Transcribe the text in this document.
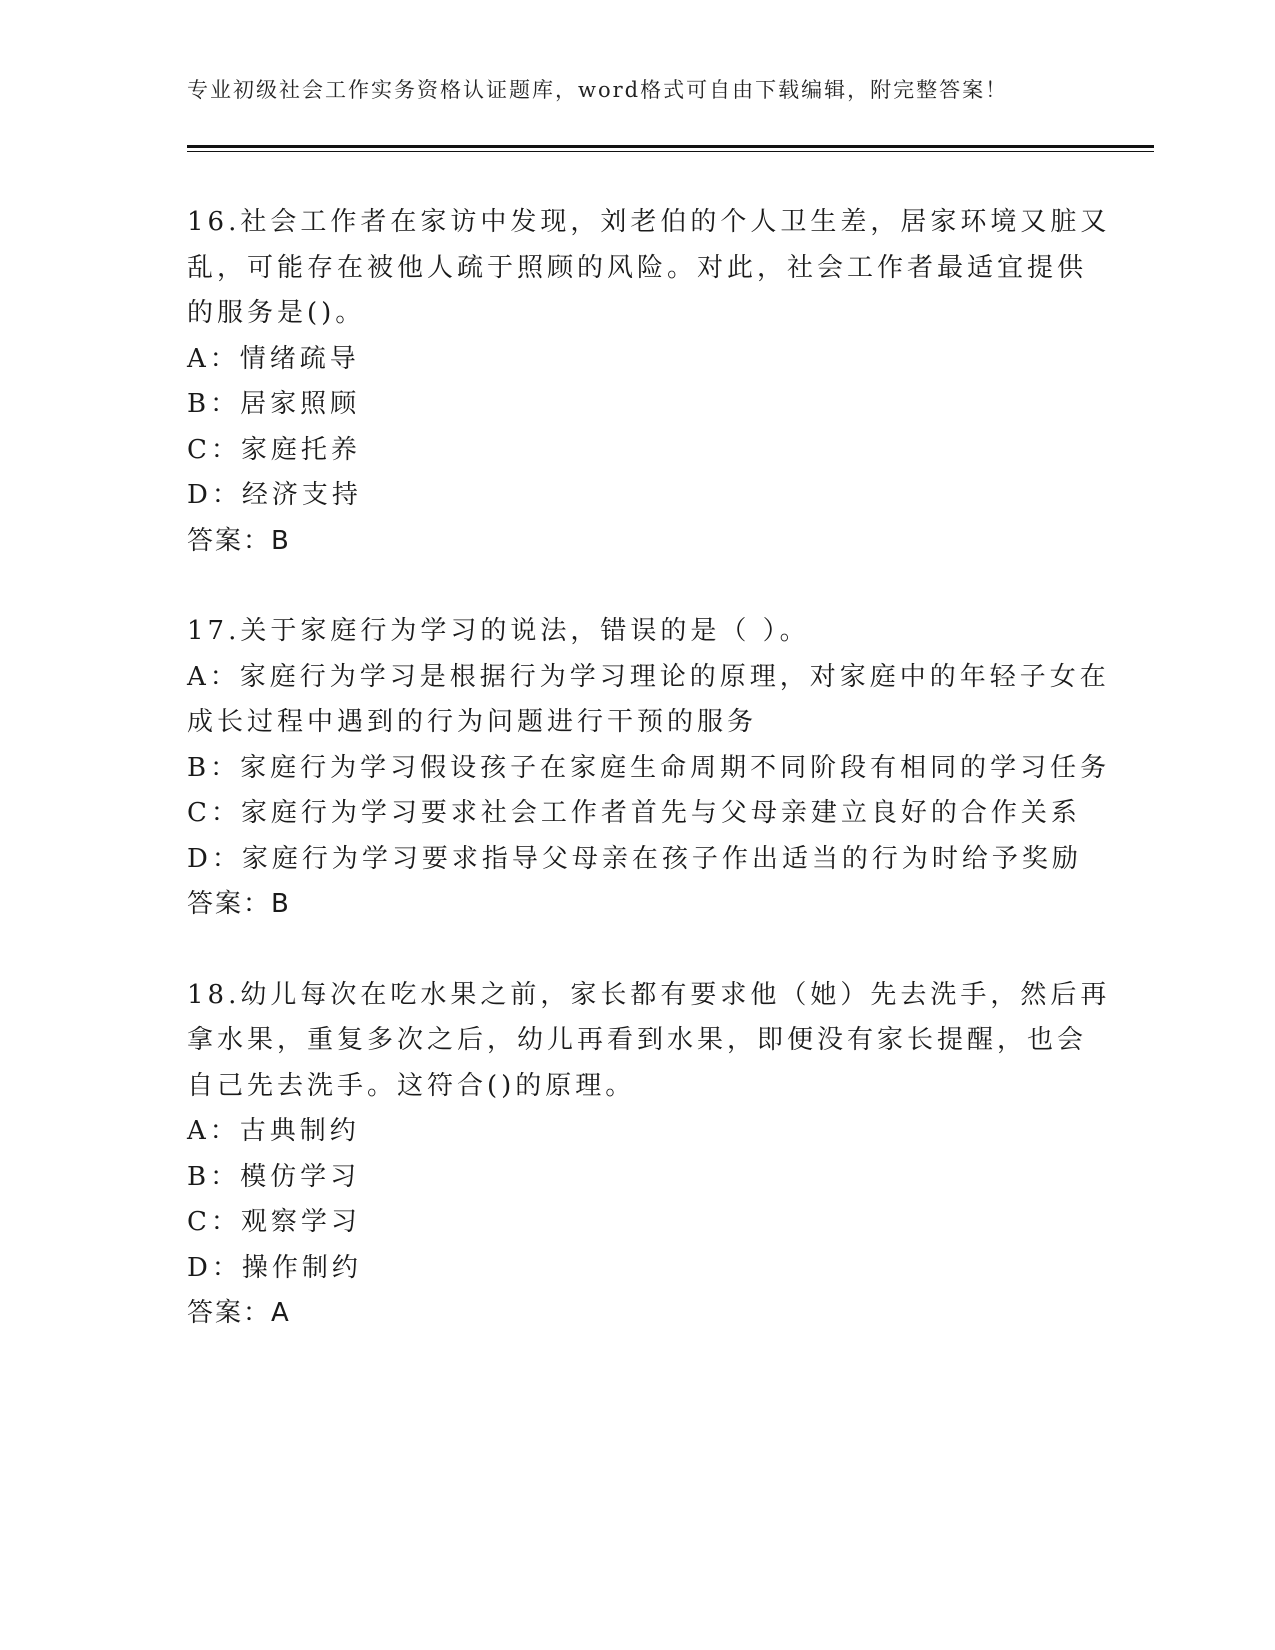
专业初级社会工作实务资格认证题库，word格式可自由下载编辑，附完整答案！
16.社会工作者在家访中发现，刘老伯的个人卫生差，居家环境又脏又
乱，可能存在被他人疏于照顾的风险。对此，社会工作者最适宜提供
的服务是()。
A：情绪疏导
B：居家照顾
C：家庭托养
D：经济支持
答案：B
17.关于家庭行为学习的说法，错误的是（ ）。
A：家庭行为学习是根据行为学习理论的原理，对家庭中的年轻子女在
成长过程中遇到的行为问题进行干预的服务
B：家庭行为学习假设孩子在家庭生命周期不同阶段有相同的学习任务
C：家庭行为学习要求社会工作者首先与父母亲建立良好的合作关系
D：家庭行为学习要求指导父母亲在孩子作出适当的行为时给予奖励
答案：B
18.幼儿每次在吃水果之前，家长都有要求他（她）先去洗手，然后再
拿水果，重复多次之后，幼儿再看到水果，即便没有家长提醒，也会
自己先去洗手。这符合()的原理。
A：古典制约
B：模仿学习
C：观察学习
D：操作制约
答案：A
